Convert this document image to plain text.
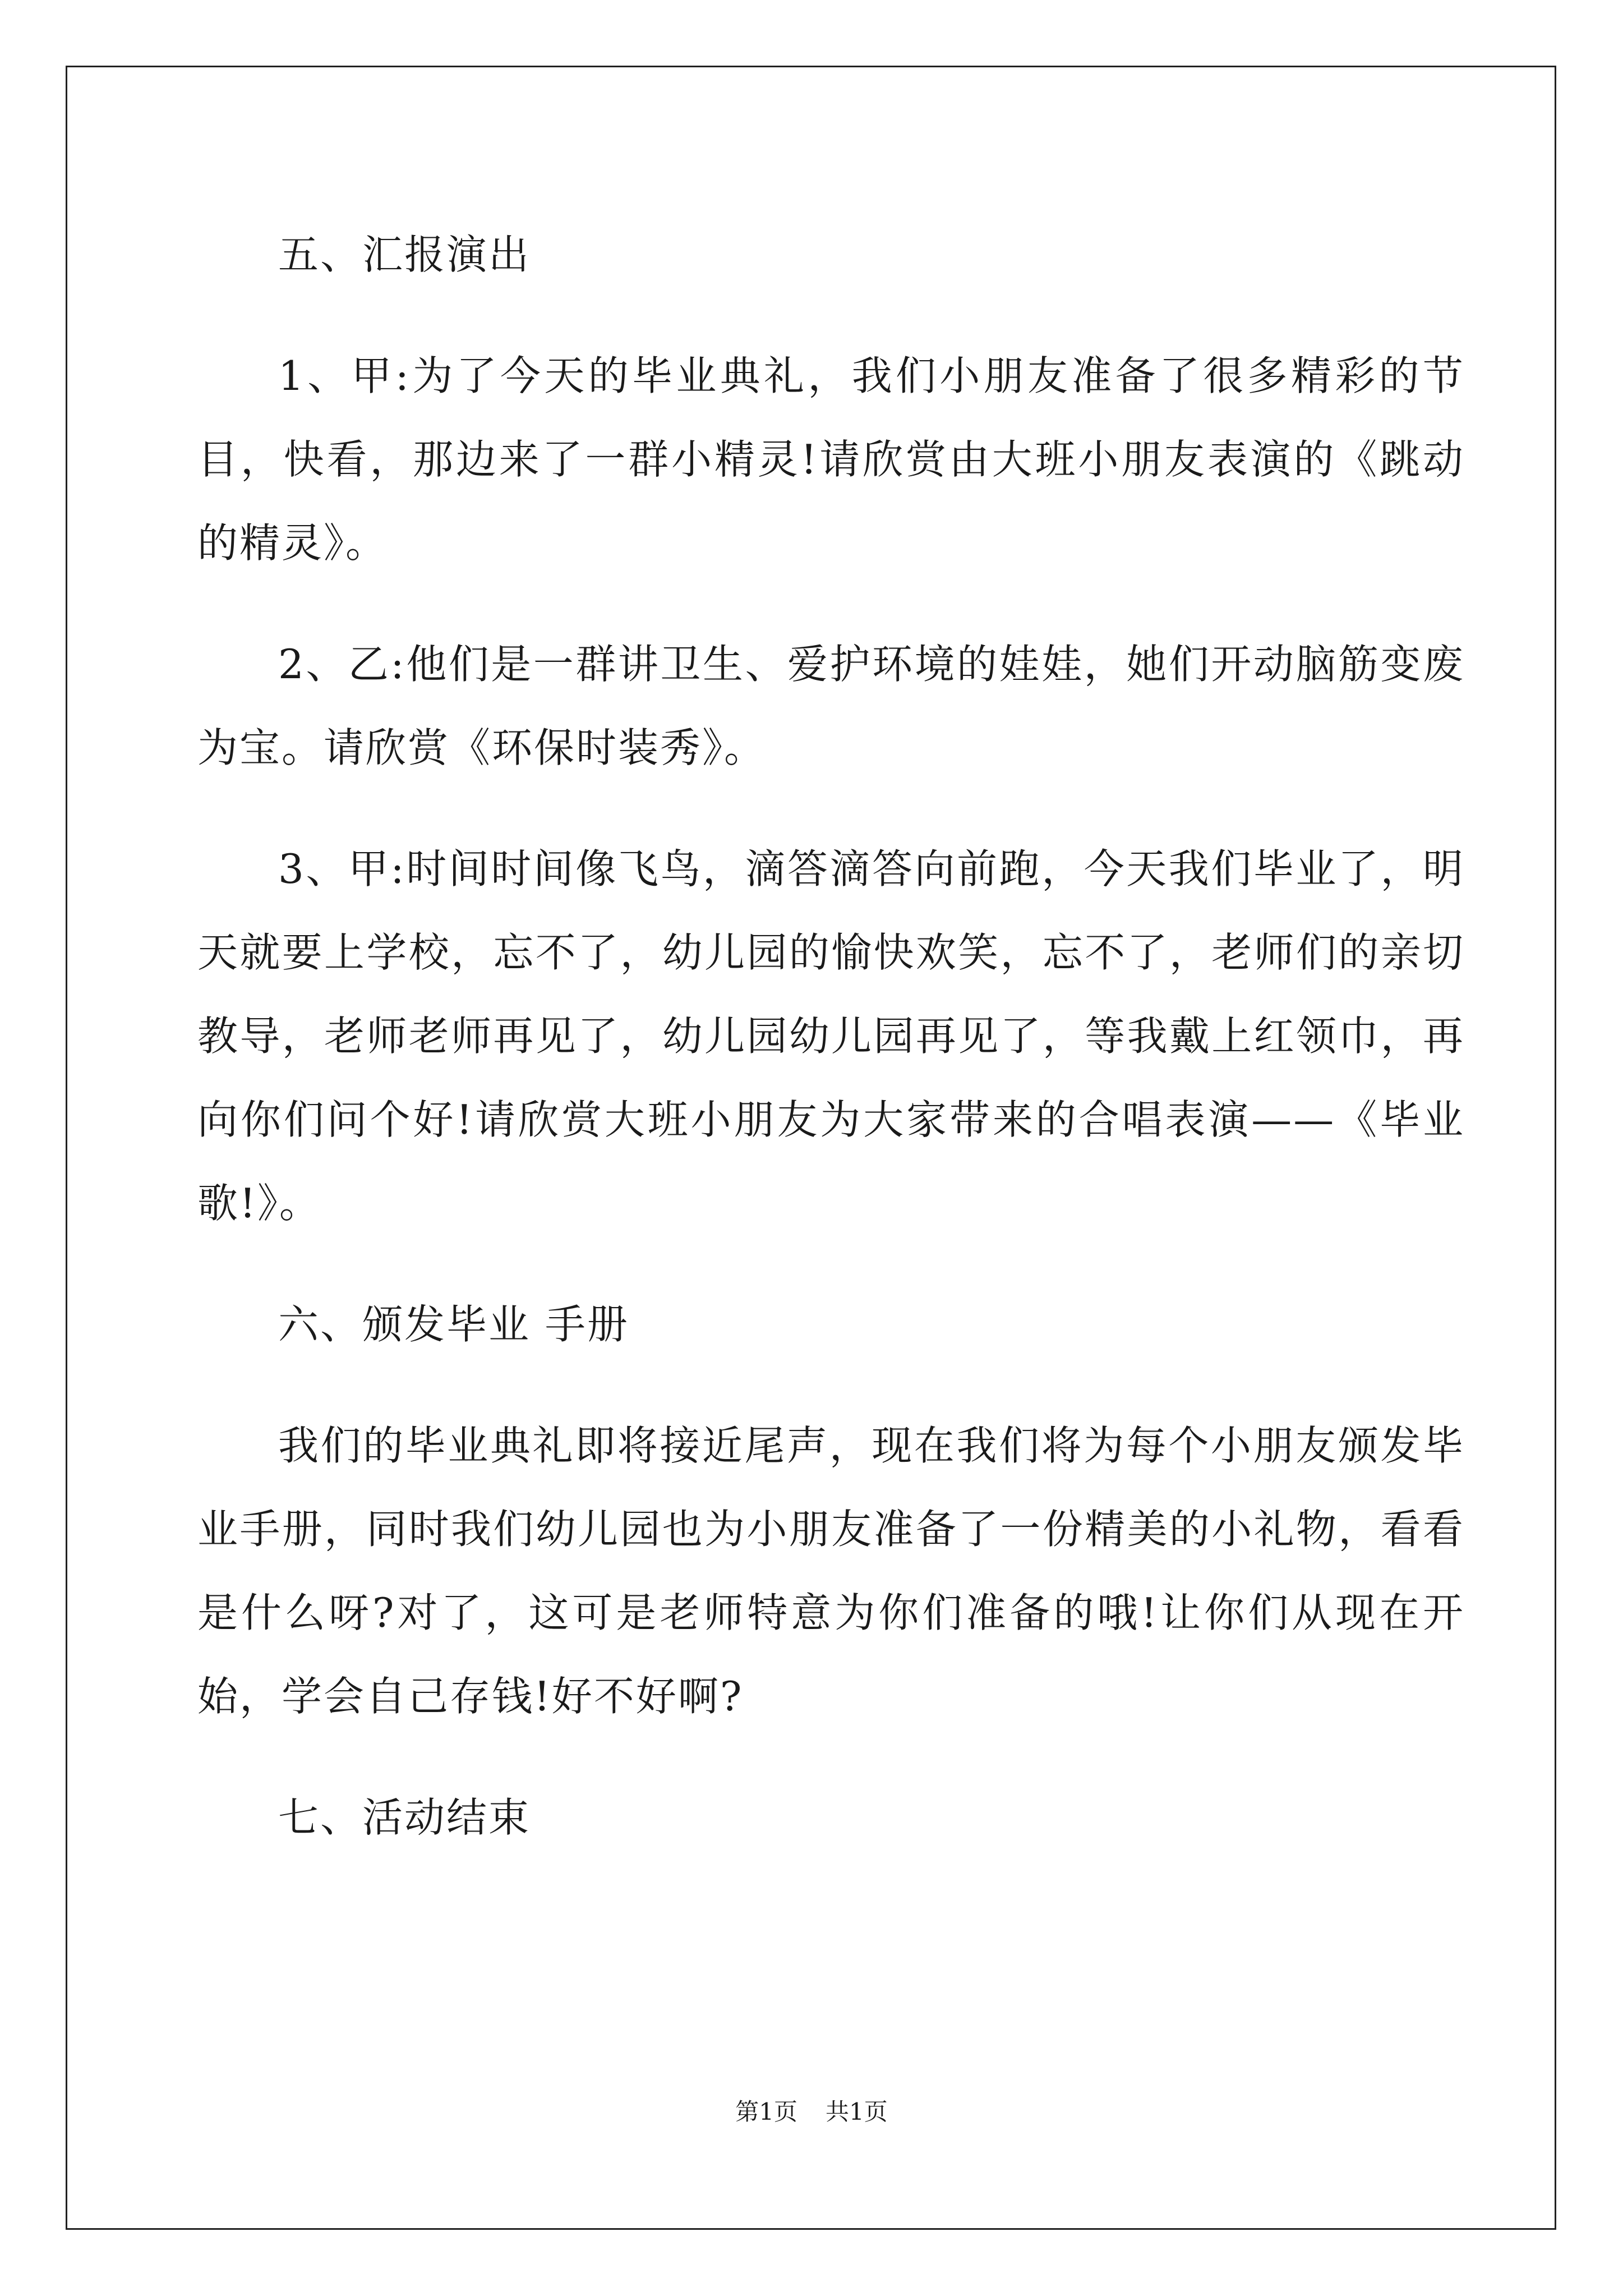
五、汇报演出

1、甲:为了今天的毕业典礼，我们小朋友准备了很多精彩的节目，快看，那边来了一群小精灵!请欣赏由大班小朋友表演的《跳动的精灵》。

2、乙:他们是一群讲卫生、爱护环境的娃娃，她们开动脑筋变废为宝。请欣赏《环保时装秀》。

3、甲:时间时间像飞鸟，滴答滴答向前跑，今天我们毕业了，明天就要上学校，忘不了，幼儿园的愉快欢笑，忘不了，老师们的亲切教导，老师老师再见了，幼儿园幼儿园再见了，等我戴上红领巾，再向你们问个好!请欣赏大班小朋友为大家带来的合唱表演——《毕业歌!》。

六、颁发毕业 手册

我们的毕业典礼即将接近尾声，现在我们将为每个小朋友颁发毕业手册，同时我们幼儿园也为小朋友准备了一份精美的小礼物，看看是什么呀?对了，这可是老师特意为你们准备的哦!让你们从现在开始，学会自己存钱!好不好啊?

七、活动结束

第1页 共1页
